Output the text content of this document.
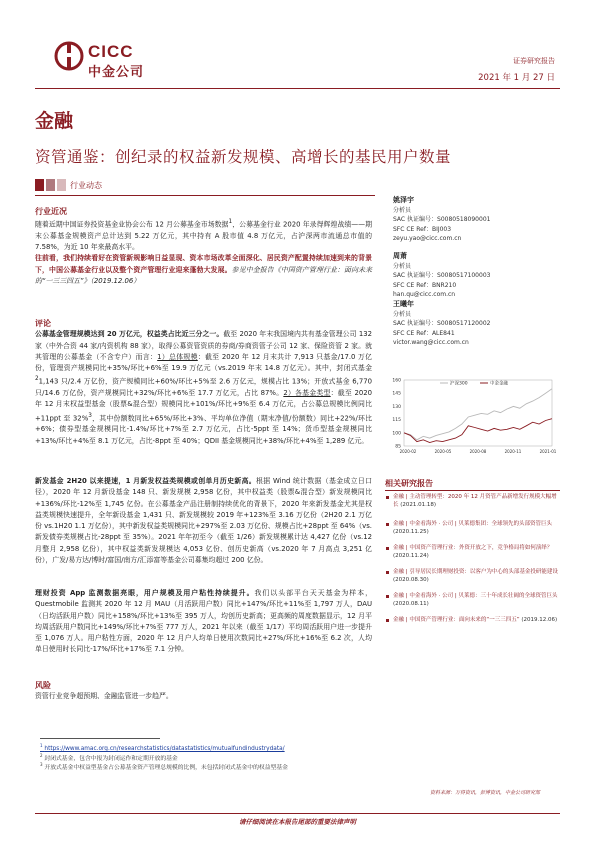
CICC
中金公司
证券研究报告
2021 年 1 月 27 日
金融
资管通鉴：创纪录的权益新发规模、高增长的基民用户数量
行业动态

行业近况

随着近期中国证券投资基金业协会公布 12 月公募基金市场数据$^1$，公募基金行业 2020 年录得辉煌战绩——期末公募基金规模资产总计达到 5.22 万亿元，其中持有 A 股市值 4.8 万亿元，占沪深两市流通总市值的 7.58%，为近 10 年来最高水平。

往前看，我们持续看好在资管新规影响日益显现、资本市场改革全面深化、居民资产配置持续加速到来的背景下，中国公募基金行业以及整个资产管理行业迎来蓬勃大发展。参见中金报告《中国资产管理行业：面向未来的“一三三四五”》（2019.12.06）

评论

公募基金管理规模达到 20 万亿元，权益类占比近三分之一。截至 2020 年末我国境内共有基金管理公司 132 家（中外合资 44 家/内资机构 88 家），取得公募资管资质的券商/券商资管子公司 12 家、保险资管 2 家。就其管理的公募基金（不含专户）而言：1）总体规模：截至 2020 年 12 月末共计 7,913 只基金/17.0 万亿份，管理资产规模同比+35%/环比+6%至 19.9 万亿元（vs.2019 年末 14.8 万亿元）。其中，封闭式基金$^2$1,143 只/2.4 万亿份，资产规模同比+60%/环比+5%至 2.6 万亿元，规模占比 13%；开放式基金 6,770 只/14.6 万亿份，资产规模同比+32%/环比+6%至 17.7 万亿元，占比 87%。2）各基金类型：截至 2020 年 12 月末权益型基金（股票&混合型）规模同比+101%/环比+9%至 6.4 万亿元，占公募总规模比例同比+11ppt 至 32%$^3$，其中份额数同比+65%/环比+3%、平均单位净值（期末净值/份额数）同比+22%/环比+6%；债券型基金规模同比-1.4%/环比+7%至 2.7 万亿元，占比-5ppt 至 14%；货币型基金规模同比+13%/环比+4%至 8.1 万亿元，占比-8ppt 至 40%；QDII 基金规模同比+38%/环比+4%至 1,289 亿元。

新发基金 2H20 以来提速，1 月新发权益类规模或创单月历史新高。根据 Wind 统计数据（基金成立日口径），2020 年 12 月新设基金 148 只、新发规模 2,958 亿份，其中权益类（股票&混合型）新发规模同比+136%/环比-12%至 1,745 亿份。在公募基金产品注册制持续优化的背景下，2020 年来新发基金尤其是权益类规模快速提升，全年新设基金 1,431 只、新发规模较 2019 年+123%至 3.16 万亿份（2H20 2.1 万亿份 vs.1H20 1.1 万亿份），其中新发权益类规模同比+297%至 2.03 万亿份、规模占比+28ppt 至 64%（vs.新发债券类规模占比-28ppt 至 35%）。2021 年年初至今（截至 1/26）新发规模累计达 4,427 亿份（vs.12 月整月 2,958 亿份），其中权益类新发规模达 4,053 亿份、创历史新高（vs.2020 年 7 月高点 3,251 亿份），广发/易方达/博时/富国/南方/汇添富等基金公司募集均超过 200 亿份。

理财投资 App 监测数据亮眼，用户规模及用户粘性持续提升。我们以头部平台天天基金为样本，Questmobile 监测其 2020 年 12 月 MAU（月活跃用户数）同比+147%/环比+11%至 1,797 万人，DAU（日均活跃用户数）同比+158%/环比+13%至 395 万人，均创历史新高；更高频的周度数据显示，12 月平均周活跃用户数同比+149%/环比+7%至 777 万人，2021 年以来（截至 1/17）平均周活跃用户进一步提升至 1,076 万人。用户粘性方面，2020 年 12 月户人均单日使用次数同比+27%/环比+16%至 6.2 次，人均单日使用时长同比-17%/环比+17%至 7.1 分钟。

风险

资管行业竞争超预期、金融监管进一步趋严。

姚泽宇
分析员
SAC 执证编号：S0080518090001
SFC CE Ref：BIJ003
zeyu.yao@cicc.com.cn
周萧
分析员
SAC 执证编号：S0080517100003
SFC CE Ref：BNR210
han.qu@cicc.com.cn
王曦年
分析员
SAC 执证编号：S0080517120002
SFC CE Ref：ALE841
victor.wang@cicc.com.cn
85
100
115
130
145
160
2020-02	2020-05	2020-08	2020-11	2021-01
沪深300	中金金融
相关研究报告
金融 | 主动管理转型：2020 年 12 月资管产品新增发行规模大幅增长 (2021.01.18)
金融 | 中金看海外 · 公司 | 贝莱德集团：全球领先的头部资管巨头 (2020.11.25)
金融 | 中国资产管理行业：外资开放之下，竞争格局将如何演绎？ (2020.11.24)
金融 | 引导居民长期理财投资：以客户为中心的头部基金投研能建设 (2020.08.30)
金融 | 中金看海外 · 公司 | 贝莱德：三十年成长壮阔的全球资管巨头 (2020.08.11)
金融 | 中国资产管理行业：面向未来的“一三三四五” (2019.12.06)
资料来源：万得资讯，彭博资讯，中金公司研究部
$^1$ https://www.amac.org.cn/researchstatistics/datastatistics/mutualfundindustrydata/
$^2$ 封闭式基金，包含中报为封闭运作和定期开放的基金
$^3$ 开放式基金中权益型基金占公募基金资产管理总规模的比例，未包括封闭式基金中的权益型基金
请仔细阅读在本报告尾部的重要法律声明
